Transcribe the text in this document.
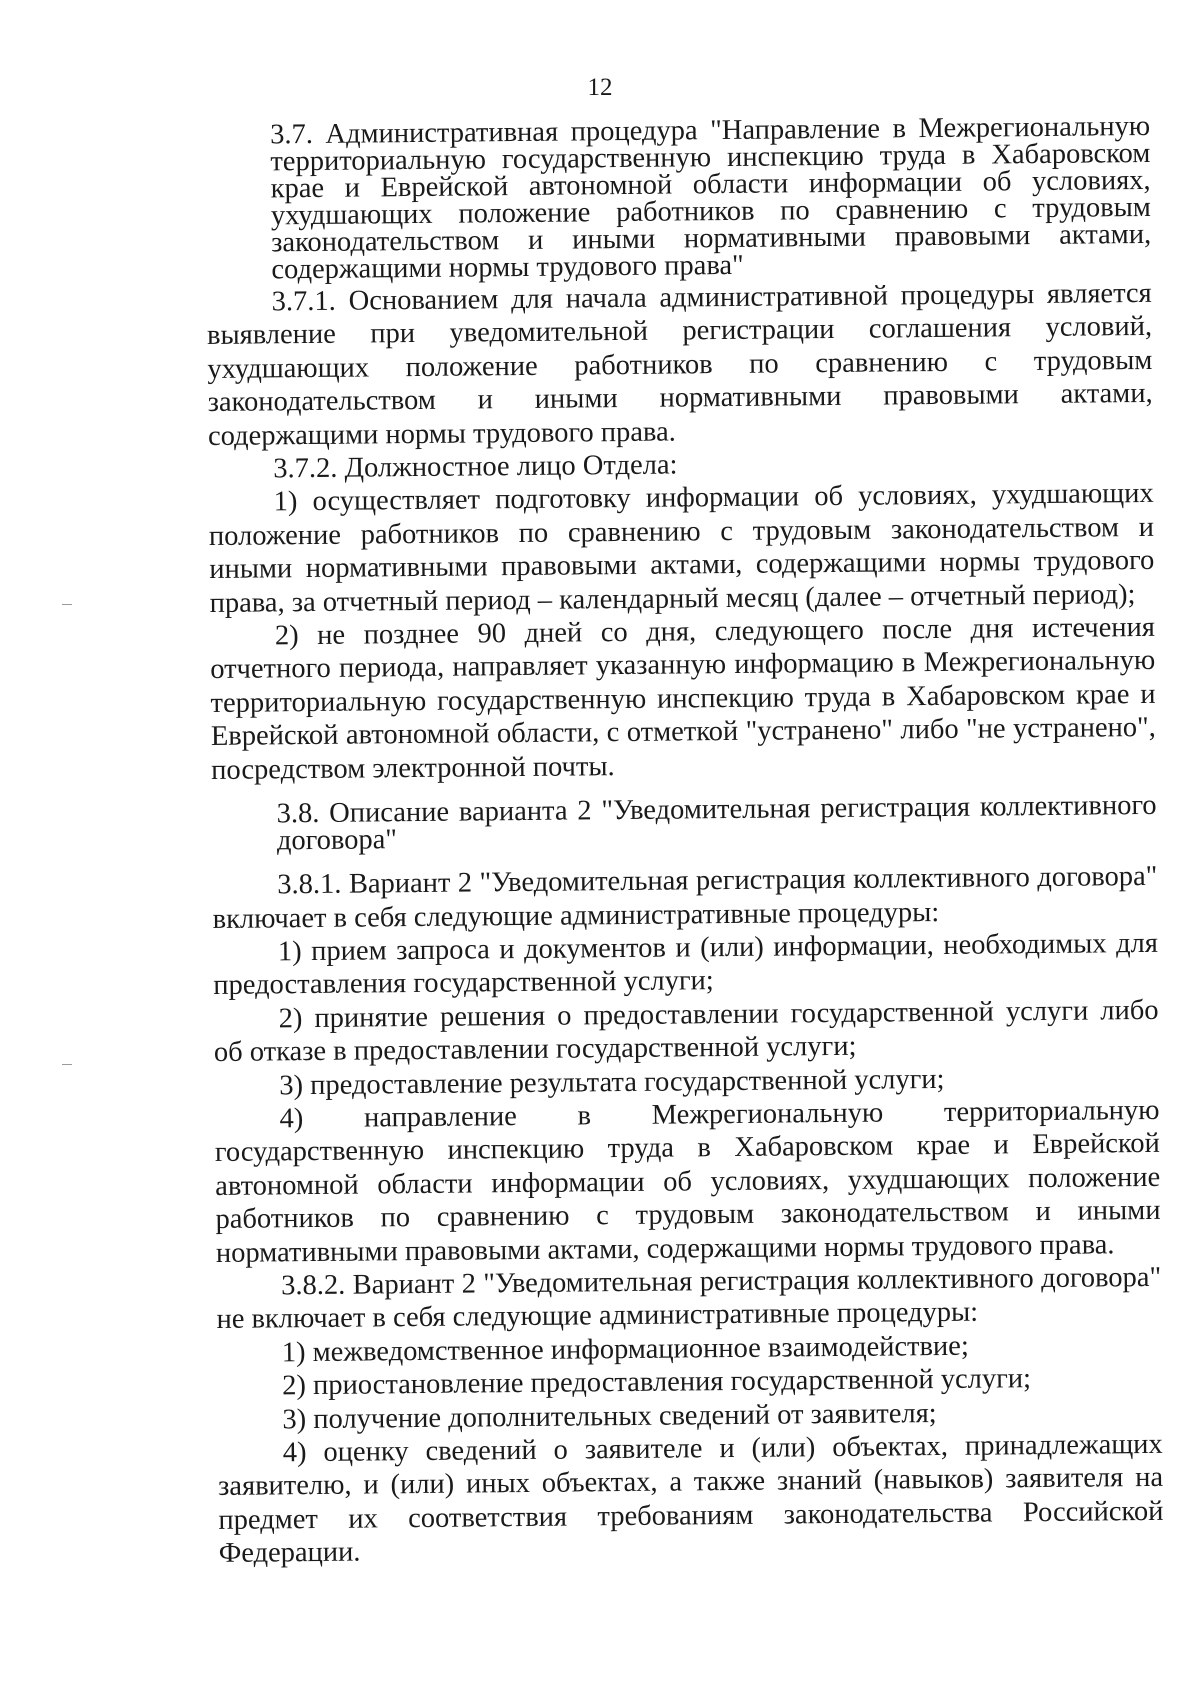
12

3.7. Административная процедура "Направление в Межрегиональную территориальную государственную инспекцию труда в Хабаровском крае и Еврейской автономной области информации об условиях, ухудшающих положение работников по сравнению с трудовым законодательством и иными нормативными правовыми актами, содержащими нормы трудового права"

3.7.1. Основанием для начала административной процедуры является выявление при уведомительной регистрации соглашения условий, ухудшающих положение работников по сравнению с трудовым законодательством и иными нормативными правовыми актами, содержащими нормы трудового права.

3.7.2. Должностное лицо Отдела:

1) осуществляет подготовку информации об условиях, ухудшающих положение работников по сравнению с трудовым законодательством и иными нормативными правовыми актами, содержащими нормы трудового права, за отчетный период – календарный месяц (далее – отчетный период);

2) не позднее 90 дней со дня, следующего после дня истечения отчетного периода, направляет указанную информацию в Межрегиональную территориальную государственную инспекцию труда в Хабаровском крае и Еврейской автономной области, с отметкой "устранено" либо "не устранено", посредством электронной почты.

3.8. Описание варианта 2 "Уведомительная регистрация коллективного договора"

3.8.1. Вариант 2 "Уведомительная регистрация коллективного договора" включает в себя следующие административные процедуры:

1) прием запроса и документов и (или) информации, необходимых для предоставления государственной услуги;

2) принятие решения о предоставлении государственной услуги либо об отказе в предоставлении государственной услуги;

3) предоставление результата государственной услуги;

4) направление в Межрегиональную территориальную государственную инспекцию труда в Хабаровском крае и Еврейской автономной области информации об условиях, ухудшающих положение работников по сравнению с трудовым законодательством и иными нормативными правовыми актами, содержащими нормы трудового права.

3.8.2. Вариант 2 "Уведомительная регистрация коллективного договора" не включает в себя следующие административные процедуры:

1) межведомственное информационное взаимодействие;

2) приостановление предоставления государственной услуги;

3) получение дополнительных сведений от заявителя;

4) оценку сведений о заявителе и (или) объектах, принадлежащих заявителю, и (или) иных объектах, а также знаний (навыков) заявителя на предмет их соответствия требованиям законодательства Российской Федерации.
